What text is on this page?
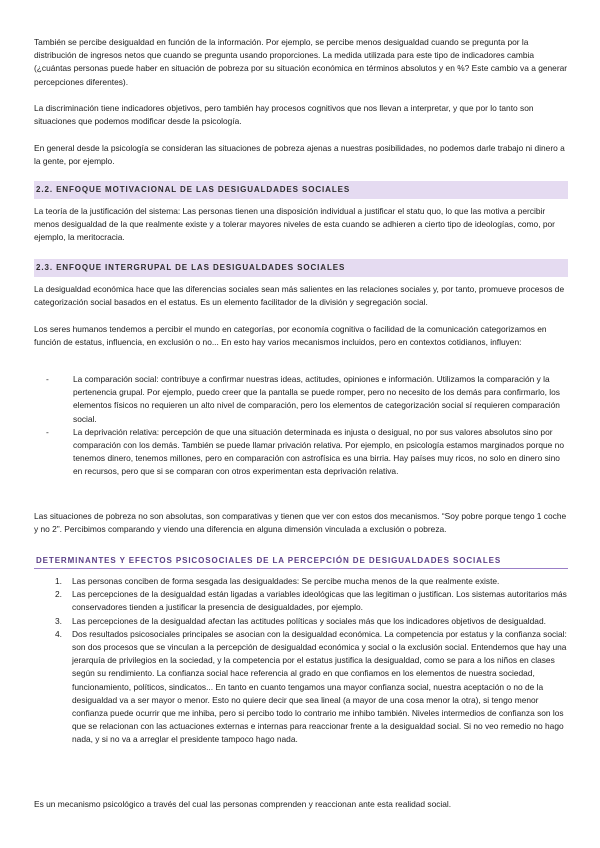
También se percibe desigualdad en función de la información. Por ejemplo, se percibe menos desigualdad cuando se pregunta por la distribución de ingresos netos que cuando se pregunta usando proporciones. La medida utilizada para este tipo de indicadores cambia (¿cuántas personas puede haber en situación de pobreza por su situación económica en términos absolutos y en %? Este cambio va a generar percepciones diferentes).

La discriminación tiene indicadores objetivos, pero también hay procesos cognitivos que nos llevan a interpretar, y que por lo tanto son situaciones que podemos modificar desde la psicología.

En general desde la psicología se consideran las situaciones de pobreza ajenas a nuestras posibilidades, no podemos darle trabajo ni dinero a la gente, por ejemplo.

2.2. ENFOQUE MOTIVACIONAL DE LAS DESIGUALDADES SOCIALES

La teoría de la justificación del sistema: Las personas tienen una disposición individual a justificar el statu quo, lo que las motiva a percibir menos desigualdad de la que realmente existe y a tolerar mayores niveles de esta cuando se adhieren a cierto tipo de ideologías, como, por ejemplo, la meritocracia.

2.3. ENFOQUE INTERGRUPAL DE LAS DESIGUALDADES SOCIALES

La desigualdad económica hace que las diferencias sociales sean más salientes en las relaciones sociales y, por tanto, promueve procesos de categorización social basados en el estatus. Es un elemento facilitador de la división y segregación social.

Los seres humanos tendemos a percibir el mundo en categorías, por economía cognitiva o facilidad de la comunicación categorizamos en función de estatus, influencia, en exclusión o no... En esto hay varios mecanismos incluidos, pero en contextos cotidianos, influyen:

-	La comparación social: contribuye a confirmar nuestras ideas, actitudes, opiniones e información. Utilizamos la comparación y la pertenencia grupal. Por ejemplo, puedo creer que la pantalla se puede romper, pero no necesito de los demás para confirmarlo, los elementos físicos no requieren un alto nivel de comparación, pero los elementos de categorización social sí requieren comparación social.
-	La deprivación relativa: percepción de que una situación determinada es injusta o desigual, no por sus valores absolutos sino por comparación con los demás. También se puede llamar privación relativa. Por ejemplo, en psicología estamos marginados porque no tenemos dinero, tenemos millones, pero en comparación con astrofísica es una birria. Hay países muy ricos, no solo en dinero sino en recursos, pero que si se comparan con otros experimentan esta deprivación relativa.

Las situaciones de pobreza no son absolutas, son comparativas y tienen que ver con estos dos mecanismos. “Soy pobre porque tengo 1 coche y no 2”. Percibimos comparando y viendo una diferencia en alguna dimensión vinculada a exclusión o pobreza.

DETERMINANTES Y EFECTOS PSICOSOCIALES DE LA PERCEPCIÓN DE DESIGUALDADES SOCIALES
1. Las personas conciben de forma sesgada las desigualdades: Se percibe mucha menos de la que realmente existe.
2. Las percepciones de la desigualdad están ligadas a variables ideológicas que las legitiman o justifican. Los sistemas autoritarios más conservadores tienden a justificar la presencia de desigualdades, por ejemplo.
3. Las percepciones de la desigualdad afectan las actitudes políticas y sociales más que los indicadores objetivos de desigualdad.
4. Dos resultados psicosociales principales se asocian con la desigualdad económica. La competencia por estatus y la confianza social: son dos procesos que se vinculan a la percepción de desigualdad económica y social o la exclusión social. Entendemos que hay una jerarquía de privilegios en la sociedad, y la competencia por el estatus justifica la desigualdad, como se para a los niños en clases según su rendimiento. La confianza social hace referencia al grado en que confiamos en los elementos de nuestra sociedad, funcionamiento, políticos, sindicatos... En tanto en cuanto tengamos una mayor confianza social, nuestra aceptación o no de la desigualdad va a ser mayor o menor. Esto no quiere decir que sea lineal (a mayor de una cosa menor la otra), si tengo menor confianza puede ocurrir que me inhiba, pero si percibo todo lo contrario me inhibo también. Niveles intermedios de confianza son los que se relacionan con las actuaciones externas e internas para reaccionar frente a la desigualdad social. Si no veo remedio no hago nada, y si no va a arreglar el presidente tampoco hago nada.

Es un mecanismo psicológico a través del cual las personas comprenden y reaccionan ante esta realidad social.
